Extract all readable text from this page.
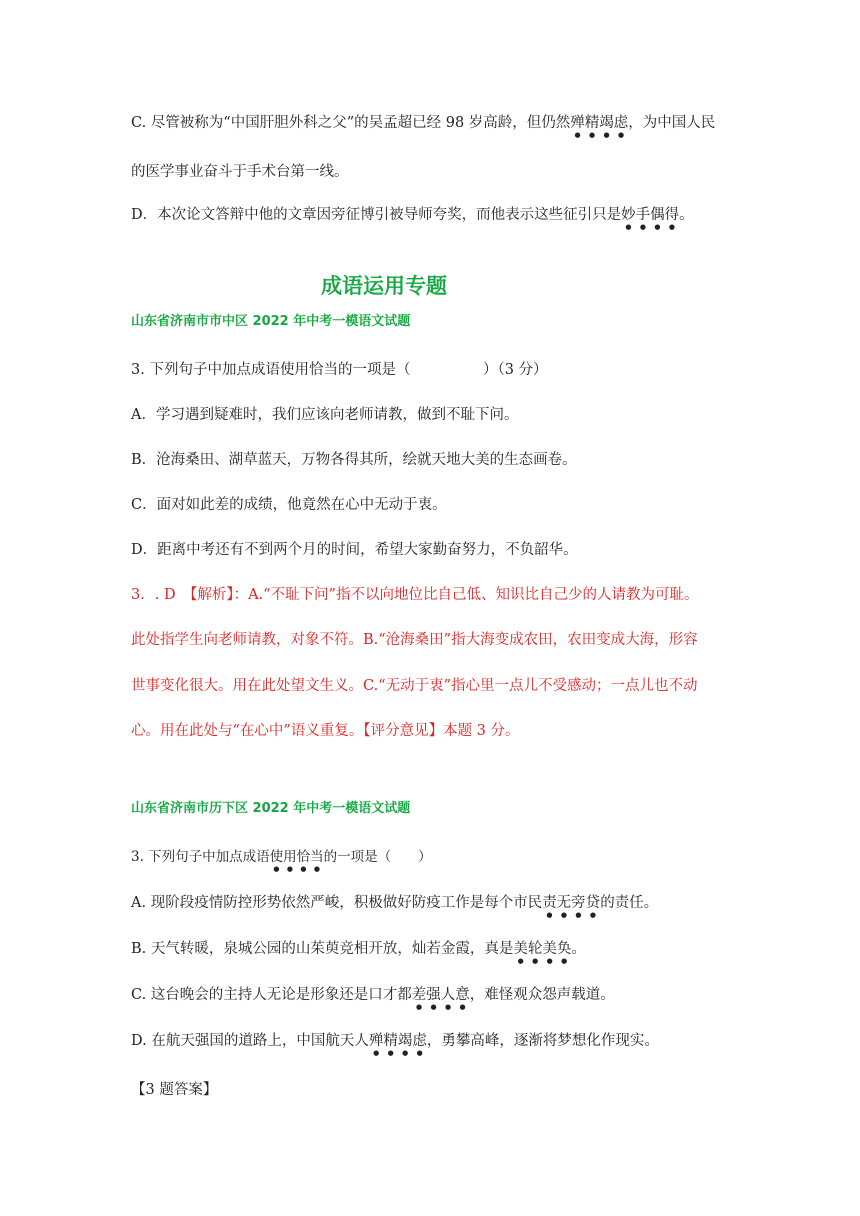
C. 尽管被称为“中国肝胆外科之父”的吴孟超已经 98 岁高龄，但仍然殚精竭虑，为中国人民
的医学事业奋斗于手术台第一线。
D．本次论文答辩中他的文章因旁征博引被导师夸奖，而他表示这些征引只是妙手偶得。
成语运用专题
山东省济南市市中区 2022 年中考一模语文试题
3. 下列句子中加点成语使用恰当的一项是（　　　　　）（3 分）
A．学习遇到疑难时，我们应该向老师请教，做到不耻下问。
B．沧海桑田、湖草蓝天，万物各得其所，绘就天地大美的生态画卷。
C．面对如此差的成绩，他竟然在心中无动于衷。
D．距离中考还有不到两个月的时间，希望大家勤奋努力，不负韶华。
3．. D　【解析】：A.“不耻下问”指不以向地位比自己低、知识比自己少的人请教为可耻。
此处指学生向老师请教，对象不符。B.“沧海桑田”指大海变成农田，农田变成大海，形容
世事变化很大。用在此处望文生义。C.“无动于衷”指心里一点儿不受感动；一点儿也不动
心。用在此处与“在心中”语义重复。【评分意见】本题 3 分。
山东省济南市历下区 2022 年中考一模语文试题
3. 下列句子中加点成语使用恰当的一项是（　　）
A. 现阶段疫情防控形势依然严峻，积极做好防疫工作是每个市民责无旁贷的责任。
B. 天气转暖，泉城公园的山茱萸竞相开放，灿若金霞，真是美轮美奂。
C. 这台晚会的主持人无论是形象还是口才都差强人意，难怪观众怨声载道。
D. 在航天强国的道路上，中国航天人殚精竭虑，勇攀高峰，逐渐将梦想化作现实。
【3 题答案】
